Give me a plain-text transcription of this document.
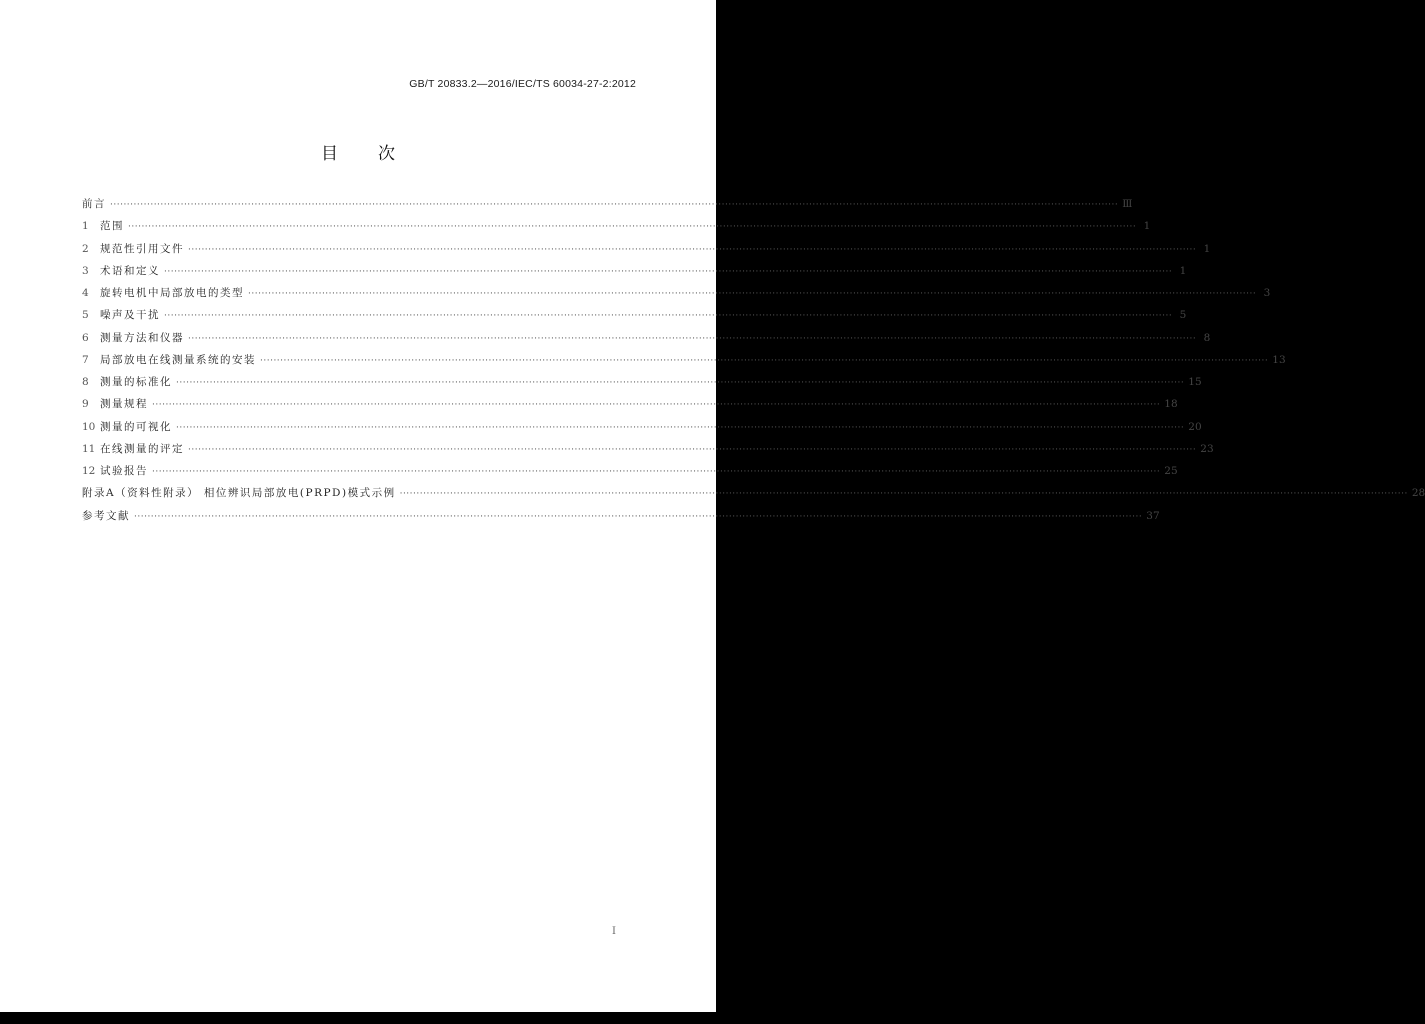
GB/T 20833.2—2016/IEC/TS 60034-27-2:2012
目 次
前言 ············································································································································································································································································································ Ⅲ
1 范围 ············································································································································································································································································································ 1
2 规范性引用文件 ············································································································································································································································································································ 1
3 术语和定义 ············································································································································································································································································································ 1
4 旋转电机中局部放电的类型 ············································································································································································································································································································ 3
5 噪声及干扰 ············································································································································································································································································································ 5
6 测量方法和仪器 ············································································································································································································································································································ 8
7 局部放电在线测量系统的安装 ············································································································································································································································································································ 13
8 测量的标准化 ············································································································································································································································································································ 15
9 测量规程 ············································································································································································································································································································ 18
10 测量的可视化 ············································································································································································································································································································ 20
11 在线测量的评定 ············································································································································································································································································································ 23
12 试验报告 ············································································································································································································································································································ 25
附录A（资料性附录） 相位辨识局部放电(PRPD)模式示例 ············································································································································································································································································································ 28
参考文献 ············································································································································································································································································································ 37
I
